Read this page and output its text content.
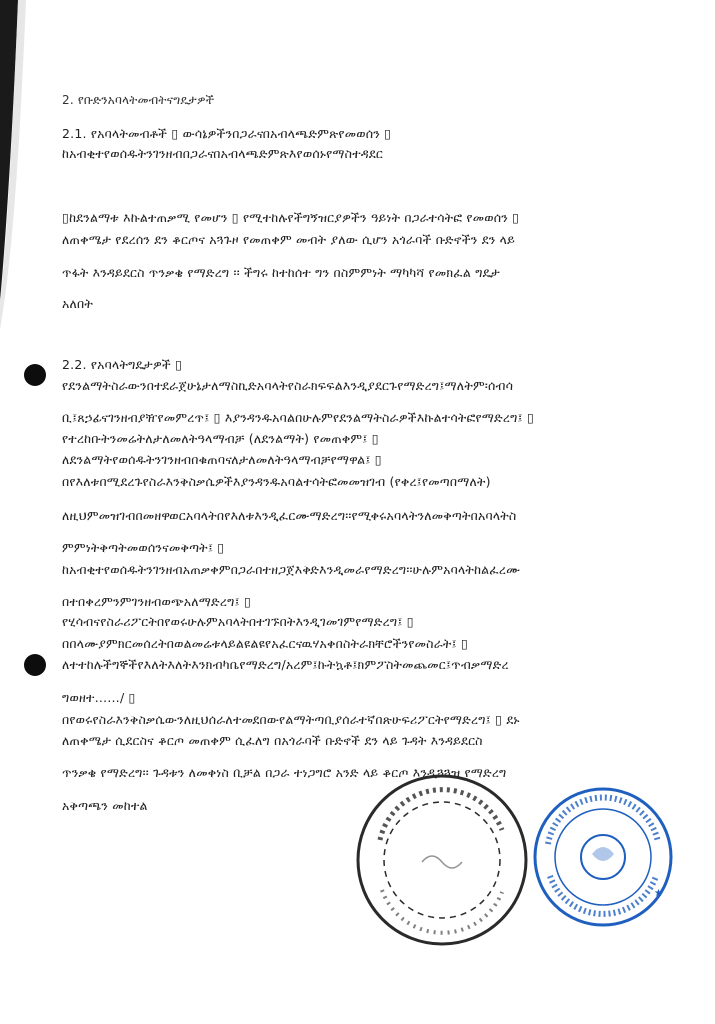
2. የቡድንአባላትመብትናግዴታዎች
2.1. የአባላትመብቶች ▯ ውሳኔዎችንበጋራናበአብላጫድምጽየመወሰን ▯
ከአብቂተየወሰዱትንገንዘብበጋራናበአብላጫድምጽእየወሰኑየማስተዳደር
▯ከደንልማቱ እኩልተጠቃሚ የመሆን ▯ የሚተከሉየችግኝዝርያዎችን ዓይነት በጋራተሳትፎ የመወሰን ▯
ለጠቀሜታ የደረሰን ደን ቆርጦና አጓጉዞ የመጠቀም መብት ያለው ሲሆን አጎራባች ቡድኖችን ደን ላይ
ጥፋት እንዳይደርስ ጥንቃቄ የማድረግ ፡፡ ችግሩ ከተከሰተ ግን በስምምነት ማካካሻ የመክፈል ግዴታ
አለበት
2.2. የአባላትግዴታዎች ▯
የደንልማትስራውንበተደራጀሁኔታለማስኪድአባላትየስራክፍፍልእንዲያደርጉየማድረግ፤ማለትም፡ሰብሳ
ቢ፤ጸኃፊናገንዘብያዥየመምረጥ፤ ▯ እያንዳንዱአባልበሁሉምየደንልማትስራዎችእኩልተሳትፎየማድረግ፤ ▯
የተረከቡትንመሬትለታለመለትዓላማብቻ (ለደንልማት) የመጠቀም፤ ▯
ለደንልማትየወሰዱትንገንዘብበቁጠባናለታለመለትዓላማብቻየማዋል፤ ▯
በየእለቱበሚደረጉየስራእንቅስቃሴዎችእያንዳንዱአባልተሳትፎመመዝገብ (የቀረ፤የመጣበማለት)
ለዚህምመዝገብበመዘዋወርአባላትበየእለቱእንዲፈርሙማድረግ፡፡የሚቀሩአባላትንለመቅጣትበአባላትስ
ምምነትቅጣትመወሰንናመቅጣት፤ ▯
ከአብቂተየወሰዱትንገንዘብአጠቃቀምበጋራበተዘጋጀእቅድእንዲመራየማድረግ፡፡ሁሉምአባላትከልፈረሙ
በተበቀረምንምገንዘብወጭአለማድረግ፤ ▯
የሂሳብናየስራሪፖርትበየወሩሁሉምአባላትበተገኙበትእንዲገመገምየማድረግ፤ ▯
በበላሙያምክርመሰረትበወልመሬቱላይልዩልዩየአፈርናዉሃአቀበስትራክቸሮችንየመስራት፤ ▯
ለተተከሉችግኞችየእለትእለትእንክብካቤየማድረግ/አረም፤ኩትኳቶ፤ክምፖስትመጨመር፤ጥብቃማድረ
ግወዘተ……/ ▯
በየወሩየስራእንቅስቃሴውንለዚህሰራለተመደበውየልማትጣቢያሰራተኛበጽሁፍሪፖርትየማድረግ፤ ▯ ደኑ
ለጠቀሜታ ሲደርስና ቆርጦ መጠቀም ሲፈለግ በአጎራባች ቡድኖች ደን ላይ ጉዳት እንዳይደርስ
ጥንቃቄ የማድረግ፡፡ ጉዳቱን ለመቀነስ ቢቻል በጋራ ተነጋግሮ አንድ ላይ ቆርጦ እንዲጓጓዝ የማድረግ
አቅጣጫን መከተል
★
